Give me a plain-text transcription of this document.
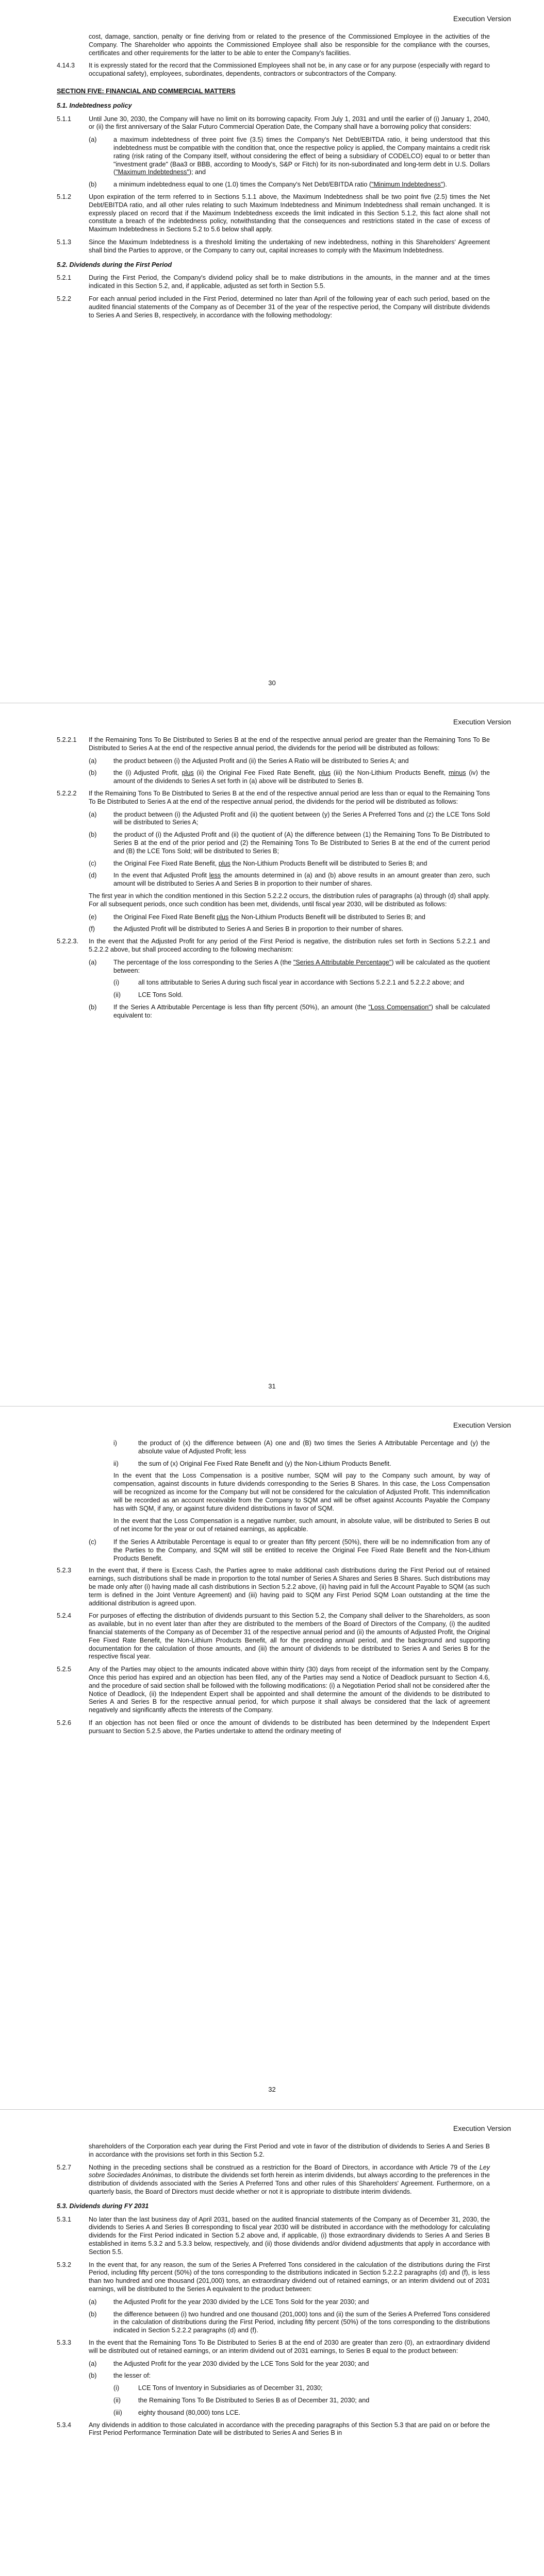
Execution Version

cost, damage, sanction, penalty or fine deriving from or related to the presence of the Commissioned Employee in the activities of the Company. The Shareholder who appoints the Commissioned Employee shall also be responsible for the compliance with the courses, certificates and other requirements for the latter to be able to enter the Company's facilities.

4.14.3	It is expressly stated for the record that the Commissioned Employees shall not be, in any case or for any purpose (especially with regard to occupational safety), employees, subordinates, dependents, contractors or subcontractors of the Company.
SECTION FIVE: FINANCIAL AND COMMERCIAL MATTERS
5.1. Indebtedness policy
5.1.1	Until June 30, 2030, the Company will have no limit on its borrowing capacity. From July 1, 2031 and until the earlier of (i) January 1, 2040, or (ii) the first anniversary of the Salar Futuro Commercial Operation Date, the Company shall have a borrowing policy that considers:
(a)	a maximum indebtedness of three point five (3.5) times the Company's Net Debt/EBITDA ratio, it being understood that this indebtedness must be compatible with the condition that, once the respective policy is applied, the Company maintains a credit risk rating (risk rating of the Company itself, without considering the effect of being a subsidiary of CODELCO) equal to or better than "investment grade" (Baa3 or BBB, according to Moody's, S&P or Fitch) for its non-subordinated and long-term debt in U.S. Dollars ("Maximum Indebtedness"); and
(b)	a minimum indebtedness equal to one (1.0) times the Company's Net Debt/EBITDA ratio ("Minimum Indebtedness").
5.1.2	Upon expiration of the term referred to in Sections 5.1.1 above, the Maximum Indebtedness shall be two point five (2.5) times the Net Debt/EBITDA ratio, and all other rules relating to such Maximum Indebtedness and Minimum Indebtedness shall remain unchanged. It is expressly placed on record that if the Maximum Indebtedness exceeds the limit indicated in this Section 5.1.2, this fact alone shall not constitute a breach of the indebtedness policy, notwithstanding that the consequences and restrictions stated in the case of excess of Maximum Indebtedness in Sections 5.2 to 5.6 below shall apply.
5.1.3	Since the Maximum Indebtedness is a threshold limiting the undertaking of new indebtedness, nothing in this Shareholders' Agreement shall bind the Parties to approve, or the Company to carry out, capital increases to comply with the Maximum Indebtedness.
5.2. Dividends during the First Period
5.2.1	During the First Period, the Company's dividend policy shall be to make distributions in the amounts, in the manner and at the times indicated in this Section 5.2, and, if applicable, adjusted as set forth in Section 5.5.
5.2.2	For each annual period included in the First Period, determined no later than April of the following year of each such period, based on the audited financial statements of the Company as of December 31 of the year of the respective period, the Company will distribute dividends to Series A and Series B, respectively, in accordance with the following methodology:
30
Execution Version
5.2.2.1	If the Remaining Tons To Be Distributed to Series B at the end of the respective annual period are greater than the Remaining Tons To Be Distributed to Series A at the end of the respective annual period, the dividends for the period will be distributed as follows:
(a)	the product between (i) the Adjusted Profit and (ii) the Series A Ratio will be distributed to Series A; and
(b)	the (i) Adjusted Profit, plus (ii) the Original Fee Fixed Rate Benefit, plus (iii) the Non-Lithium Products Benefit, minus (iv) the amount of the dividends to Series A set forth in (a) above will be distributed to Series B.
5.2.2.2	If the Remaining Tons To Be Distributed to Series B at the end of the respective annual period are less than or equal to the Remaining Tons To Be Distributed to Series A at the end of the respective annual period, the dividends for the period will be distributed as follows:
(a)	the product between (i) the Adjusted Profit and (ii) the quotient between (y) the Series A Preferred Tons and (z) the LCE Tons Sold will be distributed to Series A;
(b)	the product of (i) the Adjusted Profit and (ii) the quotient of (A) the difference between (1) the Remaining Tons To Be Distributed to Series B at the end of the prior period and (2) the Remaining Tons To Be Distributed to Series B at the end of the current period and (B) the LCE Tons Sold; will be distributed to Series B;
(c)	the Original Fee Fixed Rate Benefit, plus the Non-Lithium Products Benefit will be distributed to Series B; and
(d)	In the event that Adjusted Profit less the amounts determined in (a) and (b) above results in an amount greater than zero, such amount will be distributed to Series A and Series B in proportion to their number of shares.

The first year in which the condition mentioned in this Section 5.2.2.2 occurs, the distribution rules of paragraphs (a) through (d) shall apply. For all subsequent periods, once such condition has been met, dividends, until fiscal year 2030, will be distributed as follows:

(e)	the Original Fee Fixed Rate Benefit plus the Non-Lithium Products Benefit will be distributed to Series B; and
(f)	the Adjusted Profit will be distributed to Series A and Series B in proportion to their number of shares.
5.2.2.3.	In the event that the Adjusted Profit for any period of the First Period is negative, the distribution rules set forth in Sections 5.2.2.1 and 5.2.2.2 above, but shall proceed according to the following mechanism:
(a)	The percentage of the loss corresponding to the Series A (the "Series A Attributable Percentage") will be calculated as the quotient between:
(i)	all tons attributable to Series A during such fiscal year in accordance with Sections 5.2.2.1 and 5.2.2.2 above; and
(ii)	LCE Tons Sold.
(b)	If the Series A Attributable Percentage is less than fifty percent (50%), an amount (the "Loss Compensation") shall be calculated equivalent to:
31
Execution Version
i)	the product of (x) the difference between (A) one and (B) two times the Series A Attributable Percentage and (y) the absolute value of Adjusted Profit; less
ii)	the sum of (x) Original Fee Fixed Rate Benefit and (y) the Non-Lithium Products Benefit.

In the event that the Loss Compensation is a positive number, SQM will pay to the Company such amount, by way of compensation, against discounts in future dividends corresponding to the Series B Shares. In this case, the Loss Compensation will be recognized as income for the Company but will not be considered for the calculation of Adjusted Profit. This indemnification will be recorded as an account receivable from the Company to SQM and will be offset against Accounts Payable the Company has with SQM, if any, or against future dividend distributions in favor of SQM.

In the event that the Loss Compensation is a negative number, such amount, in absolute value, will be distributed to Series B out of net income for the year or out of retained earnings, as applicable.

(c)	If the Series A Attributable Percentage is equal to or greater than fifty percent (50%), there will be no indemnification from any of the Parties to the Company, and SQM will still be entitled to receive the Original Fee Fixed Rate Benefit and the Non-Lithium Products Benefit.
5.2.3	In the event that, if there is Excess Cash, the Parties agree to make additional cash distributions during the First Period out of retained earnings, such distributions shall be made in proportion to the total number of Series A Shares and Series B Shares. Such distributions may be made only after (i) having made all cash distributions in Section 5.2.2 above, (ii) having paid in full the Account Payable to SQM (as such term is defined in the Joint Venture Agreement) and (iii) having paid to SQM any First Period SQM Loan outstanding at the time the additional distribution is agreed upon.
5.2.4	For purposes of effecting the distribution of dividends pursuant to this Section 5.2, the Company shall deliver to the Shareholders, as soon as available, but in no event later than after they are distributed to the members of the Board of Directors of the Company, (i) the audited financial statements of the Company as of December 31 of the respective annual period and (ii) the amounts of Adjusted Profit, the Original Fee Fixed Rate Benefit, the Non-Lithium Products Benefit, all for the preceding annual period, and the background and supporting documentation for the calculation of those amounts, and (iii) the amount of dividends to be distributed to Series A and Series B for the respective fiscal year.
5.2.5	Any of the Parties may object to the amounts indicated above within thirty (30) days from receipt of the information sent by the Company. Once this period has expired and an objection has been filed, any of the Parties may send a Notice of Deadlock pursuant to Section 4.6, and the procedure of said section shall be followed with the following modifications: (i) a Negotiation Period shall not be considered after the Notice of Deadlock, (ii) the Independent Expert shall be appointed and shall determine the amount of the dividends to be distributed to Series A and Series B for the respective annual period, for which purpose it shall always be considered that the lack of agreement negatively and significantly affects the interests of the Company.
5.2.6	If an objection has not been filed or once the amount of dividends to be distributed has been determined by the Independent Expert pursuant to Section 5.2.5 above, the Parties undertake to attend the ordinary meeting of
32
Execution Version

shareholders of the Corporation each year during the First Period and vote in favor of the distribution of dividends to Series A and Series B in accordance with the provisions set forth in this Section 5.2.

5.2.7	Nothing in the preceding sections shall be construed as a restriction for the Board of Directors, in accordance with Article 79 of the Ley sobre Sociedades Anónimas, to distribute the dividends set forth herein as interim dividends, but always according to the preferences in the distribution of dividends associated with the Series A Preferred Tons and other rules of this Shareholders' Agreement. Furthermore, on a quarterly basis, the Board of Directors must decide whether or not it is appropriate to distribute interim dividends.
5.3. Dividends during FY 2031
5.3.1	No later than the last business day of April 2031, based on the audited financial statements of the Company as of December 31, 2030, the dividends to Series A and Series B corresponding to fiscal year 2030 will be distributed in accordance with the methodology for calculating dividends for the First Period indicated in Section 5.2 above and, if applicable, (i) those extraordinary dividends to Series A and Series B established in items 5.3.2 and 5.3.3 below, respectively, and (ii) those dividends and/or dividend adjustments that apply in accordance with Section 5.5.
5.3.2	In the event that, for any reason, the sum of the Series A Preferred Tons considered in the calculation of the distributions during the First Period, including fifty percent (50%) of the tons corresponding to the distributions indicated in Section 5.2.2.2 paragraphs (d) and (f), is less than two hundred and one thousand (201,000) tons, an extraordinary dividend out of retained earnings, or an interim dividend out of 2031 earnings, will be distributed to the Series A equivalent to the product between:
(a)	the Adjusted Profit for the year 2030 divided by the LCE Tons Sold for the year 2030; and
(b)	the difference between (i) two hundred and one thousand (201,000) tons and (ii) the sum of the Series A Preferred Tons considered in the calculation of distributions during the First Period, including fifty percent (50%) of the tons corresponding to the distributions indicated in Section 5.2.2.2 paragraphs (d) and (f).
5.3.3	In the event that the Remaining Tons To Be Distributed to Series B at the end of 2030 are greater than zero (0), an extraordinary dividend will be distributed out of retained earnings, or an interim dividend out of 2031 earnings, to Series B equal to the product between:
(a)	the Adjusted Profit for the year 2030 divided by the LCE Tons Sold for the year 2030; and
(b)	the lesser of:
(i)	LCE Tons of Inventory in Subsidiaries as of December 31, 2030;
(ii)	the Remaining Tons To Be Distributed to Series B as of December 31, 2030; and
(iii)	eighty thousand (80,000) tons LCE.
5.3.4	Any dividends in addition to those calculated in accordance with the preceding paragraphs of this Section 5.3 that are paid on or before the First Period Performance Termination Date will be distributed to Series A and Series B in
